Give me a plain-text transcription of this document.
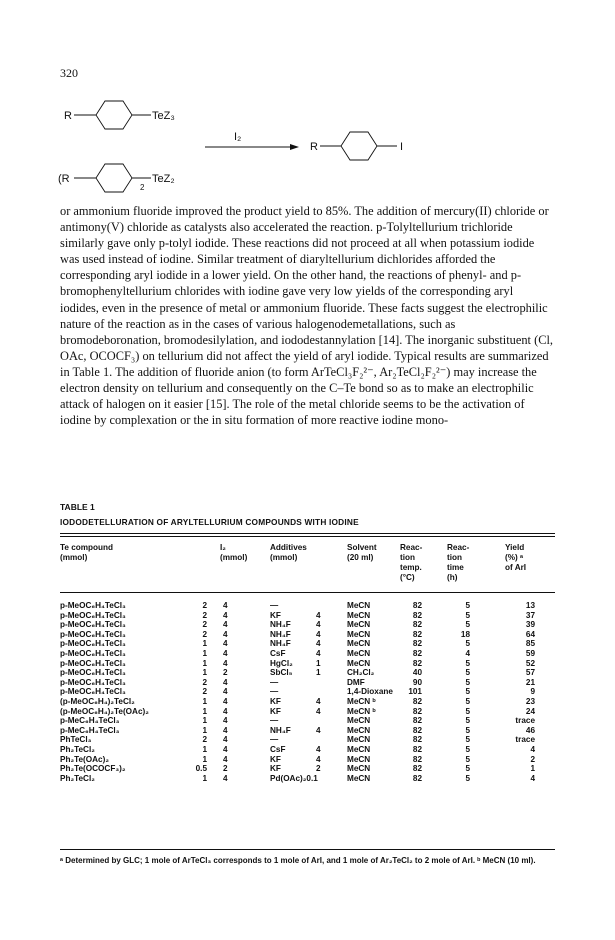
320
R	TeZ₃
(R
2
TeZ₂
I₂
R	I
or ammonium fluoride improved the product yield to 85%. The addition of mercury(II) chloride or antimony(V) chloride as catalysts also accelerated the reaction. p-Tolyltellurium trichloride similarly gave only p-tolyl iodide. These reactions did not proceed at all when potassium iodide was used instead of iodine. Similar treatment of diaryltellurium dichlorides afforded the corresponding aryl iodide in a lower yield. On the other hand, the reactions of phenyl- and p-bromophenyltellurium chlorides with iodine gave very low yields of the corresponding aryl iodides, even in the presence of metal or ammonium fluoride. These facts suggest the electrophilic nature of the reaction as in the cases of various halogenodemetallations, such as bromodeboronation, bromodesilylation, and iododestannylation [14]. The inorganic substituent (Cl, OAc, OCOCF₃) on tellurium did not affect the yield of aryl iodide. Typical results are summarized in Table 1. The addition of fluoride anion (to form ArTeCl₃F₂²⁻, Ar₂TeCl₂F₂²⁻) may increase the electron density on tellurium and consequently on the C–Te bond so as to make an electrophilic attack of halogen on it easier [15]. The role of the metal chloride seems to be the activation of iodine by complexation or the in situ formation of more reactive iodine mono-
TABLE 1
IODODETELLURATION OF ARYLTELLURIUM COMPOUNDS WITH IODINE
Te compound
(mmol)
I₂
(mmol)
Additives
(mmol)
Solvent
(20 ml)
Reac-
tion
temp.
(°C)
Reac-
tion
time
(h)
Yield
(%) ᵃ
of ArI
p-MeOC₆H₄TeCl₃	2 4	—	MeCN	82	5	13
p-MeOC₆H₄TeCl₃	2 4	KF	4	MeCN	82	5	37
p-MeOC₆H₄TeCl₃	2 4	NH₄F	4	MeCN	82	5	39
p-MeOC₆H₄TeCl₃	2 4	NH₄F	4	MeCN	82	18	64
p-MeOC₆H₄TeCl₃	1 4	NH₄F	4	MeCN	82	5	85
p-MeOC₆H₄TeCl₃	1 4	CsF	4	MeCN	82	4	59
p-MeOC₆H₄TeCl₃	1 4	HgCl₂	1	MeCN	82	5	52
p-MeOC₆H₄TeCl₃	1 2	SbCl₅	1	CH₂Cl₂	40	5	57
p-MeOC₆H₄TeCl₃	2 4	—	DMF	90	5	21
p-MeOC₆H₄TeCl₃	2 4	—	1,4-Dioxane	101	5	9
(p-MeOC₆H₄)₂TeCl₂	1 4	KF	4	MeCN ᵇ	82	5	23
(p-MeOC₆H₄)₂Te(OAc)₂	1 4	KF	4	MeCN ᵇ	82	5	24
p-MeC₆H₄TeCl₃	1 4	—	MeCN	82	5	trace
p-MeC₆H₄TeCl₃	1 4	NH₄F	4	MeCN	82	5	46
PhTeCl₃	2 4	—	MeCN	82	5	trace
Ph₂TeCl₂	1 4	CsF	4	MeCN	82	5	4
Ph₂Te(OAc)₂	1 4	KF	4	MeCN	82	5	2
Ph₂Te(OCOCF₃)₂	0.5 2	KF	2	MeCN	82	5	1
Ph₂TeCl₂	1 4	Pd(OAc)₂0.1	MeCN	82	5	4
ᵃ Determined by GLC; 1 mole of ArTeCl₃ corresponds to 1 mole of ArI, and 1 mole of Ar₂TeCl₂ to 2 mole of ArI. ᵇ MeCN (10 ml).
